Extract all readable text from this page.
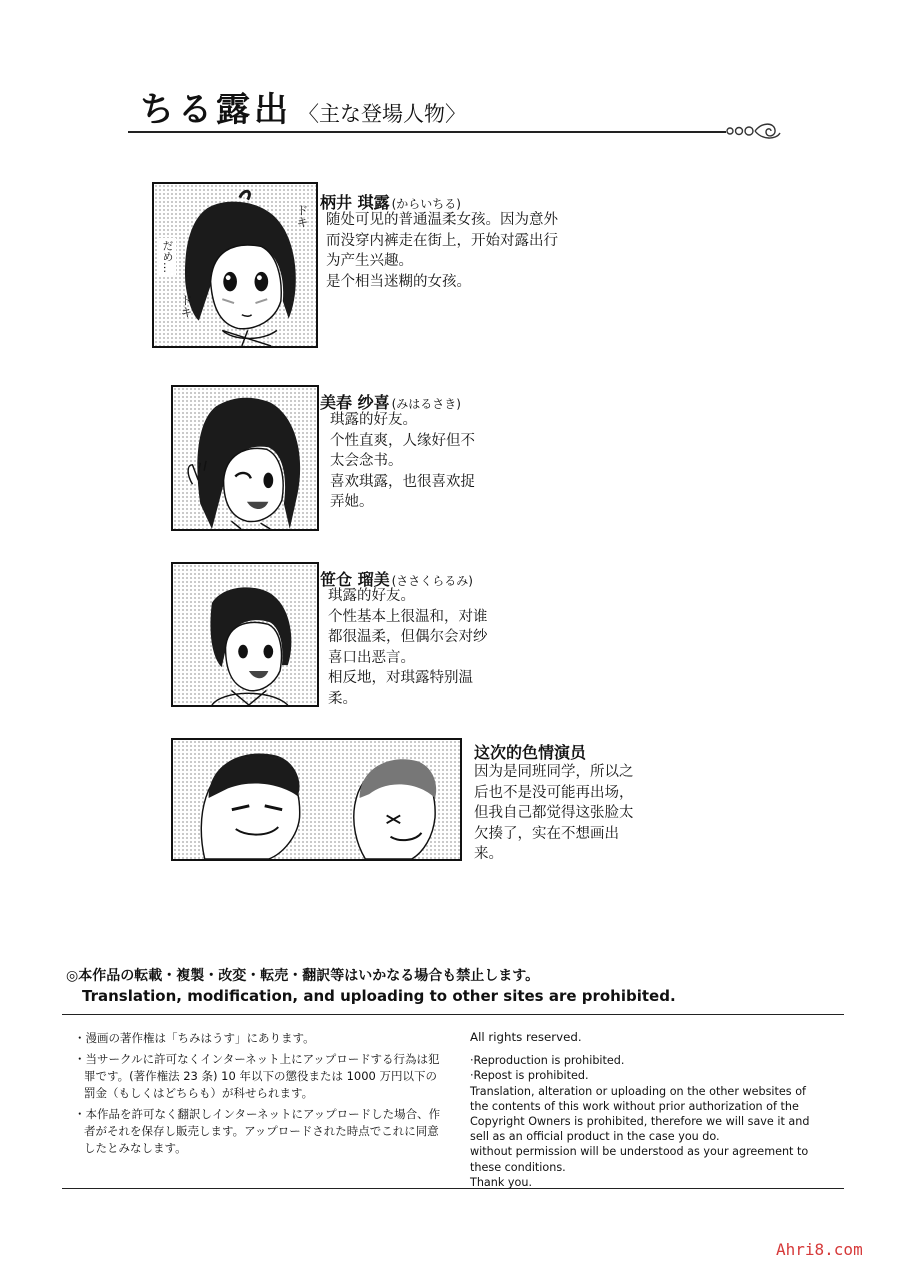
ちる露出 〈主な登場人物〉
ドキ
ドキ
だめ…
柄井 琪露 (からいちる)

随处可见的普通温柔女孩。因为意外
而没穿内裤走在街上，开始对露出行
为产生兴趣。
是个相当迷糊的女孩。

美春 纱喜 (みはるさき)

琪露的好友。
个性直爽，人缘好但不
太会念书。
喜欢琪露，也很喜欢捉
弄她。

笹仓 瑠美 (ささくらるみ)

琪露的好友。
个性基本上很温和，对谁
都很温柔，但偶尔会对纱
喜口出恶言。
相反地，对琪露特别温
柔。

这次的色情演员

因为是同班同学，所以之
后也不是没可能再出场，
但我自己都觉得这张脸太
欠揍了，实在不想画出
来。

◎本作品の転載・複製・改変・転売・翻訳等はいかなる場合も禁止します。
Translation, modification, and uploading to other sites are prohibited.

・漫画の著作権は「ちみはうす」にあります。

・当サークルに許可なくインターネット上にアップロードする行為は犯罪です。(著作権法 23 条) 10 年以下の懲役または 1000 万円以下の罰金（もしくはどちらも）が科せられます。

・本作品を許可なく翻訳しインターネットにアップロードした場合、作者がそれを保存し販売します。アップロードされた時点でこれに同意したとみなします。

All rights reserved.

·Reproduction is prohibited.
·Repost is prohibited.
Translation, alteration or uploading on the other websites of
the contents of this work without prior authorization of the
Copyright Owners is prohibited, therefore we will save it and
sell as an official product in the case you do.
without permission will be understood as your agreement to
these conditions.
Thank you.

Ahri8.com
